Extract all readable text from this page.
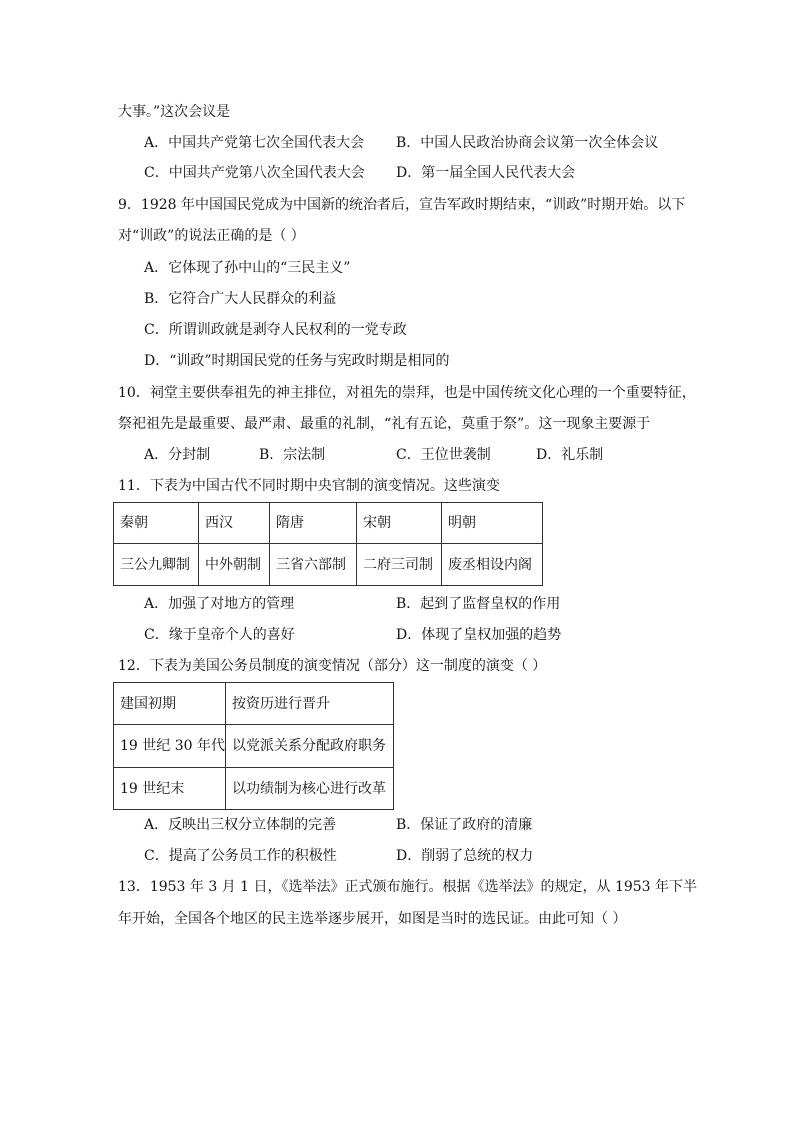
大事。”这次会议是
A．中国共产党第七次全国代表大会 B．中国人民政治协商会议第一次全体会议
C．中国共产党第八次全国代表大会 D．第一届全国人民代表大会
9．1928 年中国国民党成为中国新的统治者后，宣告军政时期结束，“训政”时期开始。以下
对“训政”的说法正确的是（ ）
A．它体现了孙中山的“三民主义”
B．它符合广大人民群众的利益
C．所谓训政就是剥夺人民权利的一党专政
D．“训政”时期国民党的任务与宪政时期是相同的
10．祠堂主要供奉祖先的神主排位，对祖先的崇拜，也是中国传统文化心理的一个重要特征，
祭祀祖先是最重要、最严肃、最重的礼制，“礼有五论，莫重于祭”。这一现象主要源于
A．分封制	B．宗法制	C．王位世袭制	D．礼乐制
11．下表为中国古代不同时期中央官制的演变情况。这些演变
秦朝	西汉	隋唐	宋朝	明朝
三公九卿制	中外朝制	三省六部制	二府三司制	废丞相设内阁
A．加强了对地方的管理	B．起到了监督皇权的作用
C．缘于皇帝个人的喜好	D．体现了皇权加强的趋势
12．下表为美国公务员制度的演变情况（部分）这一制度的演变（ ）
建国初期	按资历进行晋升
19 世纪 30 年代	以党派关系分配政府职务
19 世纪末	以功绩制为核心进行改革
A．反映出三权分立体制的完善	B．保证了政府的清廉
C．提高了公务员工作的积极性	D．削弱了总统的权力
13．1953 年 3 月 1 日，《选举法》正式颁布施行。根据《选举法》的规定，从 1953 年下半
年开始，全国各个地区的民主选举逐步展开，如图是当时的选民证。由此可知（ ）
